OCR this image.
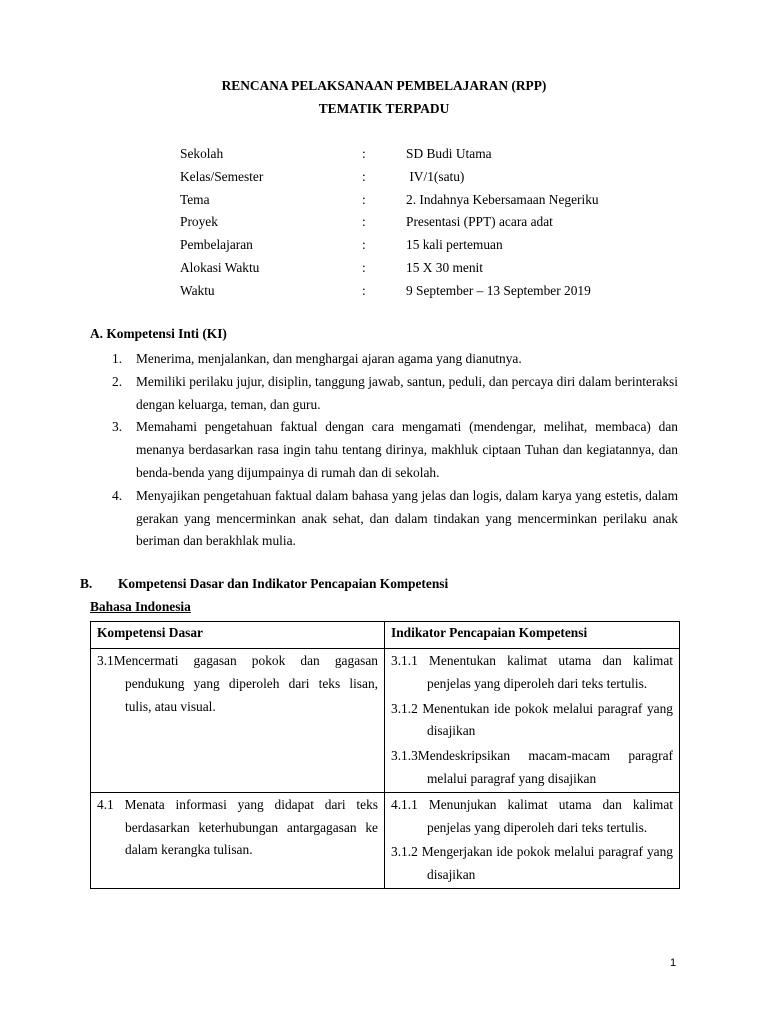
RENCANA PELAKSANAAN PEMBELAJARAN (RPP)
TEMATIK TERPADU
Sekolah	:	SD Budi Utama
Kelas/Semester	:	IV/1(satu)
Tema	:	2. Indahnya Kebersamaan Negeriku
Proyek	:	Presentasi (PPT) acara adat
Pembelajaran	:	15 kali pertemuan
Alokasi Waktu	:	15 X 30 menit
Waktu	:	9 September – 13 September 2019
A. Kompetensi Inti (KI)
1. Menerima, menjalankan, dan menghargai ajaran agama yang dianutnya.
2. Memiliki perilaku jujur, disiplin, tanggung jawab, santun, peduli, dan percaya diri dalam berinteraksi dengan keluarga, teman, dan guru.
3. Memahami pengetahuan faktual dengan cara mengamati (mendengar, melihat, membaca) dan menanya berdasarkan rasa ingin tahu tentang dirinya, makhluk ciptaan Tuhan dan kegiatannya, dan benda-benda yang dijumpainya di rumah dan di sekolah.
4. Menyajikan pengetahuan faktual dalam bahasa yang jelas dan logis, dalam karya yang estetis, dalam gerakan yang mencerminkan anak sehat, dan dalam tindakan yang mencerminkan perilaku anak beriman dan berakhlak mulia.
B. Kompetensi Dasar dan Indikator Pencapaian Kompetensi
Bahasa Indonesia
Kompetensi Dasar	Indikator Pencapaian Kompetensi

3.1Mencermati gagasan pokok dan gagasan pendukung yang diperoleh dari teks lisan, tulis, atau visual.	3.1.1 Menentukan kalimat utama dan kalimat penjelas yang diperoleh dari teks tertulis.
3.1.2 Menentukan ide pokok melalui paragraf yang disajikan
3.1.3Mendeskripsikan macam-macam paragraf melalui paragraf yang disajikan

4.1 Menata informasi yang didapat dari teks berdasarkan keterhubungan antargagasan ke dalam kerangka tulisan.	4.1.1 Menunjukan kalimat utama dan kalimat penjelas yang diperoleh dari teks tertulis.
3.1.2 Mengerjakan ide pokok melalui paragraf yang disajikan
1
